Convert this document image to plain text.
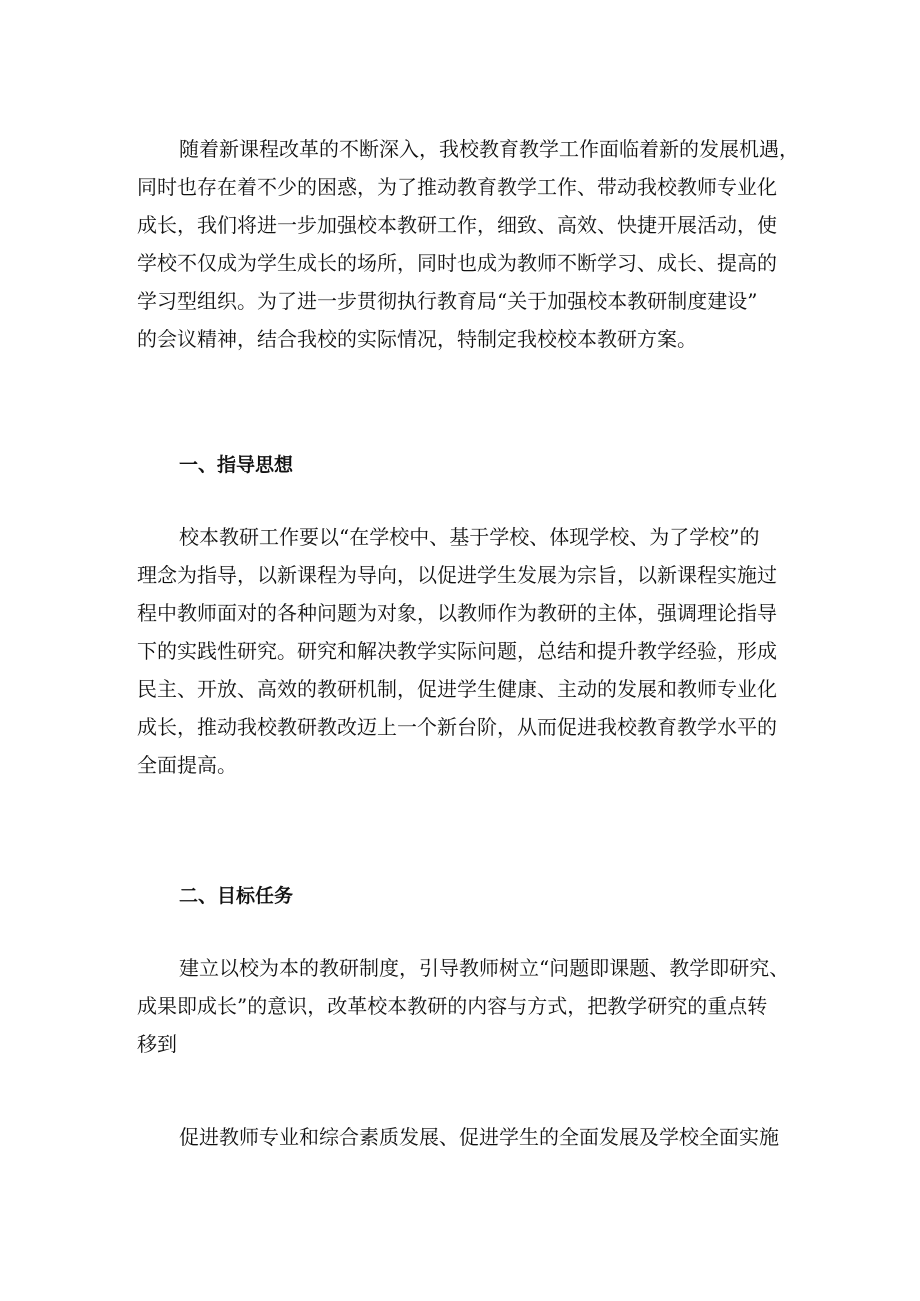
随着新课程改革的不断深入，我校教育教学工作面临着新的发展机遇，
同时也存在着不少的困惑，为了推动教育教学工作、带动我校教师专业化
成长，我们将进一步加强校本教研工作，细致、高效、快捷开展活动，使
学校不仅成为学生成长的场所，同时也成为教师不断学习、成长、提高的
学习型组织。为了进一步贯彻执行教育局“关于加强校本教研制度建设”
的会议精神，结合我校的实际情况，特制定我校校本教研方案。
一、指导思想
校本教研工作要以“在学校中、基于学校、体现学校、为了学校”的
理念为指导，以新课程为导向，以促进学生发展为宗旨，以新课程实施过
程中教师面对的各种问题为对象，以教师作为教研的主体，强调理论指导
下的实践性研究。研究和解决教学实际问题，总结和提升教学经验，形成
民主、开放、高效的教研机制，促进学生健康、主动的发展和教师专业化
成长，推动我校教研教改迈上一个新台阶，从而促进我校教育教学水平的
全面提高。
二、目标任务
建立以校为本的教研制度，引导教师树立“问题即课题、教学即研究、
成果即成长”的意识，改革校本教研的内容与方式，把教学研究的重点转
移到
促进教师专业和综合素质发展、促进学生的全面发展及学校全面实施
